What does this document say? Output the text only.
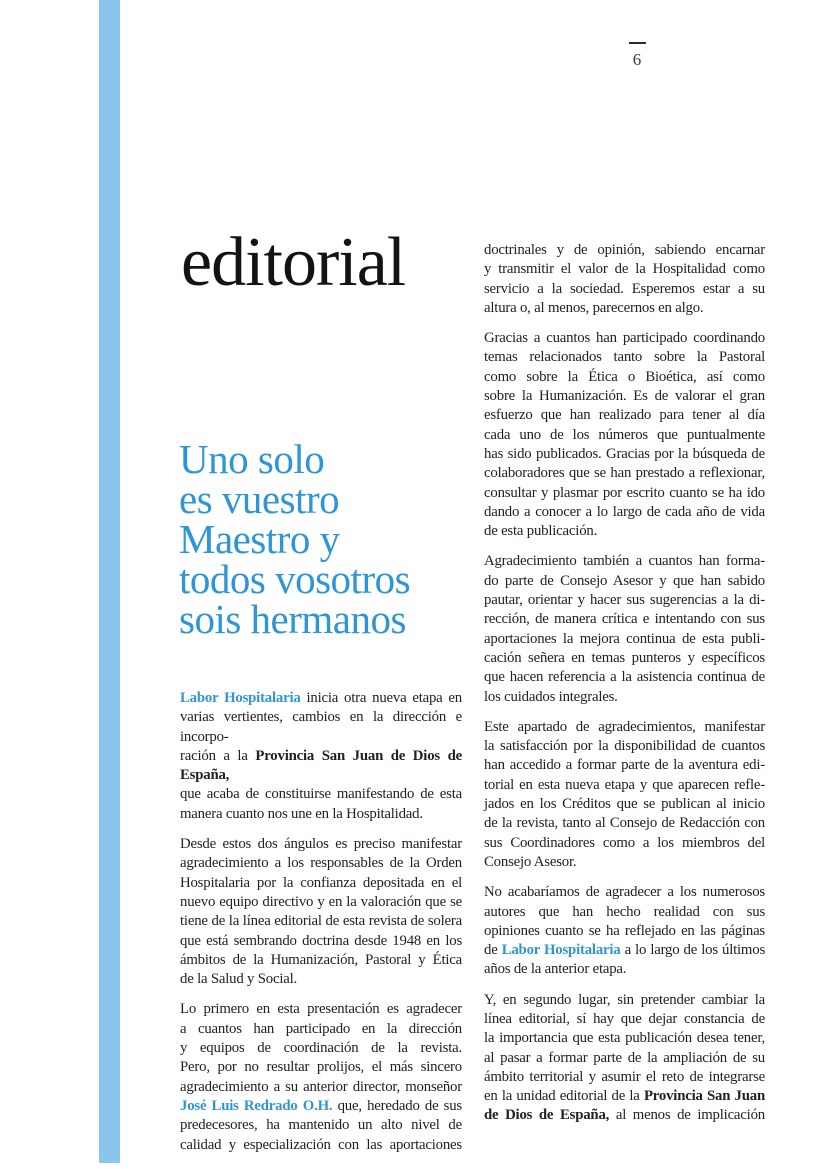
6
editorial
Uno solo
es vuestro
Maestro y
todos vosotros
sois hermanos
Labor Hospitalaria inicia otra nueva etapa en
varias vertientes, cambios en la dirección e incorpo-
ración a la Provincia San Juan de Dios de España,
que acaba de constituirse manifestando de esta
manera cuanto nos une en la Hospitalidad.
Desde estos dos ángulos es preciso manifestar
agradecimiento a los responsables de la Orden
Hospitalaria por la confianza depositada en el
nuevo equipo directivo y en la valoración que se
tiene de la línea editorial de esta revista de solera
que está sembrando doctrina desde 1948 en los
ámbitos de la Humanización, Pastoral y Ética
de la Salud y Social.
Lo primero en esta presentación es agradecer
a cuantos han participado en la dirección
y equipos de coordinación de la revista.
Pero, por no resultar prolijos, el más sincero
agradecimiento a su anterior director, monseñor
José Luis Redrado O.H. que, heredado de sus
predecesores, ha mantenido un alto nivel de
calidad y especialización con las aportaciones
doctrinales y de opinión, sabiendo encarnar
y transmitir el valor de la Hospitalidad como
servicio a la sociedad. Esperemos estar a su
altura o, al menos, parecernos en algo.
Gracias a cuantos han participado coordinando
temas relacionados tanto sobre la Pastoral
como sobre la Ética o Bioética, así como
sobre la Humanización. Es de valorar el gran
esfuerzo que han realizado para tener al día
cada uno de los números que puntualmente
has sido publicados. Gracias por la búsqueda de
colaboradores que se han prestado a reflexionar,
consultar y plasmar por escrito cuanto se ha ido
dando a conocer a lo largo de cada año de vida
de esta publicación.
Agradecimiento también a cuantos han forma-
do parte de Consejo Asesor y que han sabido
pautar, orientar y hacer sus sugerencias a la di-
rección, de manera crítica e intentando con sus
aportaciones la mejora continua de esta publi-
cación señera en temas punteros y específicos
que hacen referencia a la asistencia continua de
los cuidados integrales.
Este apartado de agradecimientos, manifestar
la satisfacción por la disponibilidad de cuantos
han accedido a formar parte de la aventura edi-
torial en esta nueva etapa y que aparecen refle-
jados en los Créditos que se publican al inicio
de la revista, tanto al Consejo de Redacción con
sus Coordinadores como a los miembros del
Consejo Asesor.
No acabaríamos de agradecer a los numerosos
autores que han hecho realidad con sus
opiniones cuanto se ha reflejado en las páginas
de Labor Hospitalaria a lo largo de los últimos
años de la anterior etapa.
Y, en segundo lugar, sin pretender cambiar la
línea editorial, sí hay que dejar constancia de
la importancia que esta publicación desea tener,
al pasar a formar parte de la ampliación de su
ámbito territorial y asumir el reto de integrarse
en la unidad editorial de la Provincia San Juan
de Dios de España, al menos de implicación
